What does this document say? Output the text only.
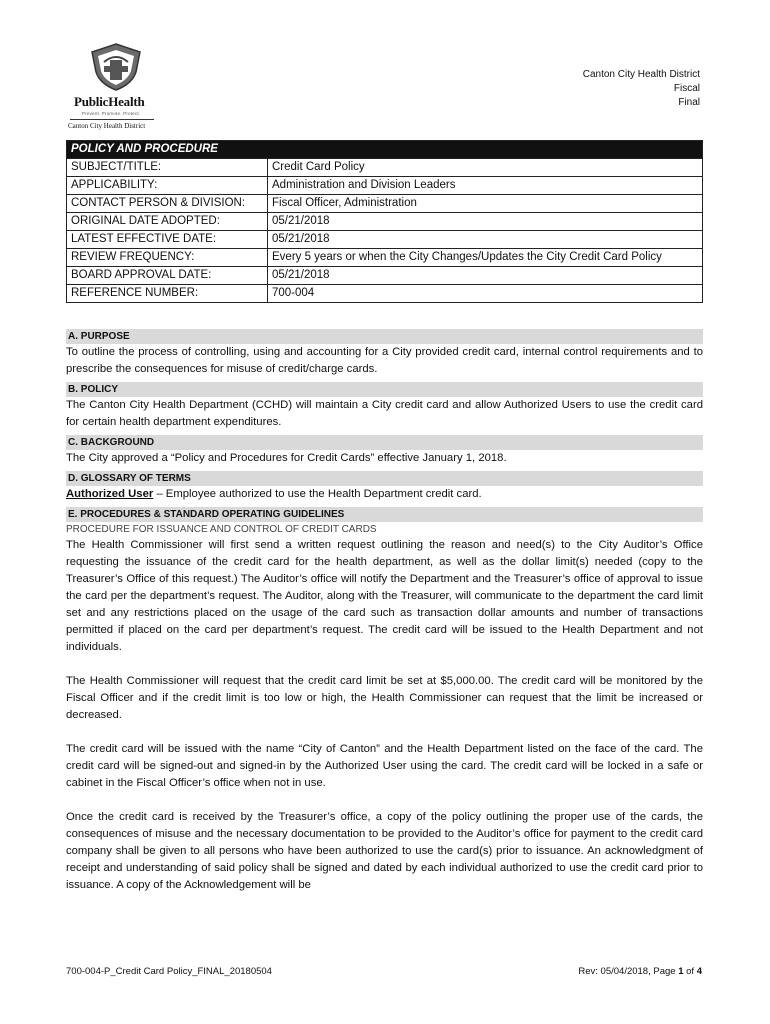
PublicHealth
Prevent. Promote. Protect.
Canton City Health District
Canton City Health District
Fiscal
Final
POLICY AND PROCEDURE	
SUBJECT/TITLE:	Credit Card Policy
APPLICABILITY:	Administration and Division Leaders
CONTACT PERSON & DIVISION:	Fiscal Officer, Administration
ORIGINAL DATE ADOPTED:	05/21/2018
LATEST EFFECTIVE DATE:	05/21/2018
REVIEW FREQUENCY:	Every 5 years or when the City Changes/Updates the City Credit Card Policy
BOARD APPROVAL DATE:	05/21/2018
REFERENCE NUMBER:	700-004
A. PURPOSE

To outline the process of controlling, using and accounting for a City provided credit card, internal control requirements and to prescribe the consequences for misuse of credit/charge cards.

B. POLICY

The Canton City Health Department (CCHD) will maintain a City credit card and allow Authorized Users to use the credit card for certain health department expenditures.

C. BACKGROUND

The City approved a “Policy and Procedures for Credit Cards” effective January 1, 2018.

D. GLOSSARY OF TERMS

Authorized User – Employee authorized to use the Health Department credit card.

E. PROCEDURES & STANDARD OPERATING GUIDELINES
PROCEDURE FOR ISSUANCE AND CONTROL OF CREDIT CARDS

The Health Commissioner will first send a written request outlining the reason and need(s) to the City Auditor’s Office requesting the issuance of the credit card for the health department, as well as the dollar limit(s) needed (copy to the Treasurer’s Office of this request.) The Auditor’s office will notify the Department and the Treasurer’s office of approval to issue the card per the department’s request. The Auditor, along with the Treasurer, will communicate to the department the card limit set and any restrictions placed on the usage of the card such as transaction dollar amounts and number of transactions permitted if placed on the card per department’s request. The credit card will be issued to the Health Department and not individuals.

The Health Commissioner will request that the credit card limit be set at $5,000.00. The credit card will be monitored by the Fiscal Officer and if the credit limit is too low or high, the Health Commissioner can request that the limit be increased or decreased.

The credit card will be issued with the name “City of Canton” and the Health Department listed on the face of the card. The credit card will be signed-out and signed-in by the Authorized User using the card. The credit card will be locked in a safe or cabinet in the Fiscal Officer’s office when not in use.

Once the credit card is received by the Treasurer’s office, a copy of the policy outlining the proper use of the cards, the consequences of misuse and the necessary documentation to be provided to the Auditor’s office for payment to the credit card company shall be given to all persons who have been authorized to use the card(s) prior to issuance. An acknowledgment of receipt and understanding of said policy shall be signed and dated by each individual authorized to use the credit card prior to issuance. A copy of the Acknowledgement will be

700-004-P_Credit Card Policy_FINAL_20180504	Rev: 05/04/2018, Page 1 of 4
